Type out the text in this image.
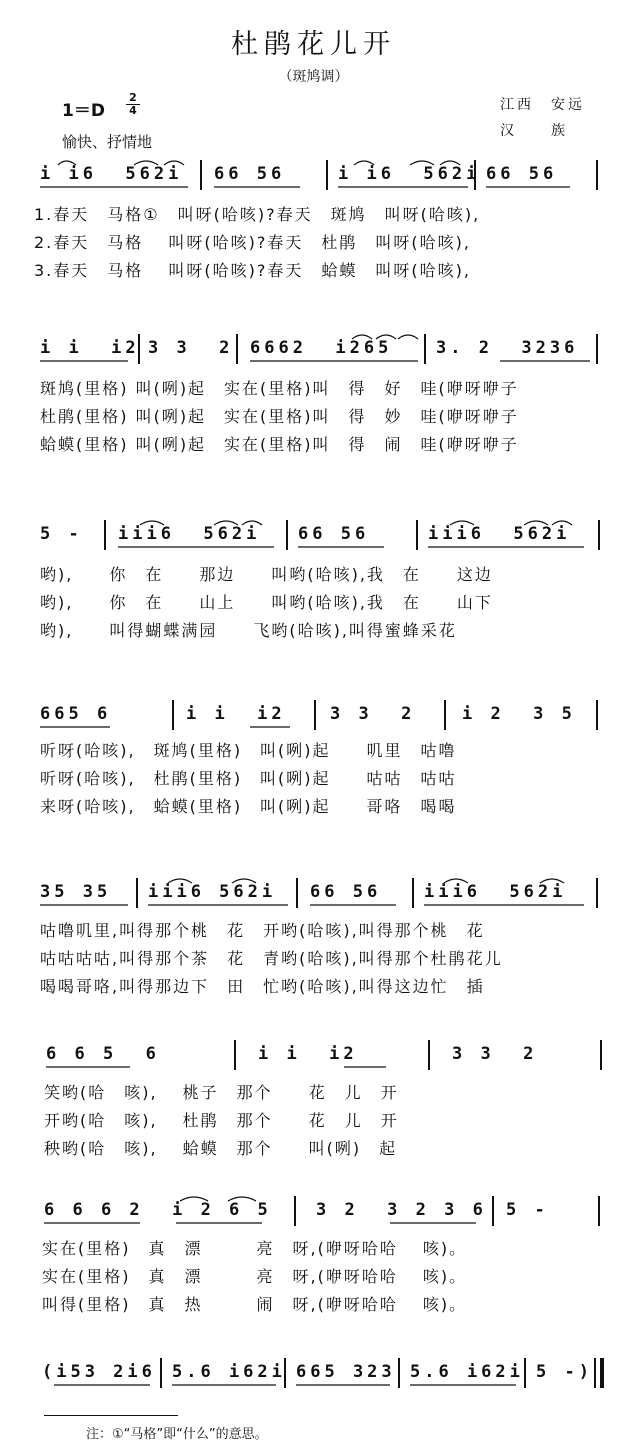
杜鹃花儿开
（斑鸠调）
1＝D
2
4
愉快、抒情地
江西　安远
汉　　族
i i6  562i 66 56	i i6  562i 66 56
1.春天　马格①　叫呀(哈咳)?春天　斑鸠　叫呀(哈咳),
2.春天　马格　 叫呀(哈咳)?春天　杜鹃　叫呀(哈咳),
3.春天　马格　 叫呀(哈咳)?春天　蛤蟆　叫呀(哈咳),
i i  i2 3 3  2 6662  i265	3. 2  3236
斑鸠(里格) 叫(咧)起　实在(里格)叫　得　好　哇(咿呀咿子
杜鹃(里格) 叫(咧)起　实在(里格)叫　得　妙　哇(咿呀咿子
蛤蟆(里格) 叫(咧)起　实在(里格)叫　得　闹　哇(咿呀咿子
5 - iii6  562i 66 56	iii6  562i
哟),　　你　在　　那边　　叫哟(哈咳),我　在　　这边
哟),　　你　在　　山上　　叫哟(哈咳),我　在　　山下
哟),　　叫得蝴蝶满园　　飞哟(哈咳),叫得蜜蜂采花
665 6	i i  i2	3 3  2	i 2  3 5
听呀(哈咳),　斑鸠(里格)　叫(咧)起　　叽里　咕噜
听呀(哈咳),　杜鹃(里格)　叫(咧)起　　咕咕　咕咕
来呀(哈咳),　蛤蟆(里格)　叫(咧)起　　哥咯　喝喝
35 35 iii6 562i 66 56	iii6  562i
咕噜叽里,叫得那个桃　花　开哟(哈咳),叫得那个桃　花
咕咕咕咕,叫得那个茶　花　青哟(哈咳),叫得那个杜鹃花儿
喝喝哥咯,叫得那边下　田　忙哟(哈咳),叫得这边忙　插
6 6 5  6	i i  i2	3 3  2
笑哟(哈　咳),　 桃子　那个　　花　儿　开
开哟(哈　咳),　 杜鹃　那个　　花　儿　开
秧哟(哈　咳),　 蛤蟆　那个　　叫(咧)　起
6 6 6 2  i 2 6 5	3 2  3 2 3 6 5 -
实在(里格)　真　漂　　　亮　呀,(咿呀哈哈　 咳)。
实在(里格)　真　漂　　　亮　呀,(咿呀哈哈　 咳)。
叫得(里格)　真　热　　　闹　呀,(咿呀哈哈　 咳)。
(i53 2i6 5.6 i62i 665 323 5.6 i62i 5 -)
注：①“马格”即“什么”的意思。
